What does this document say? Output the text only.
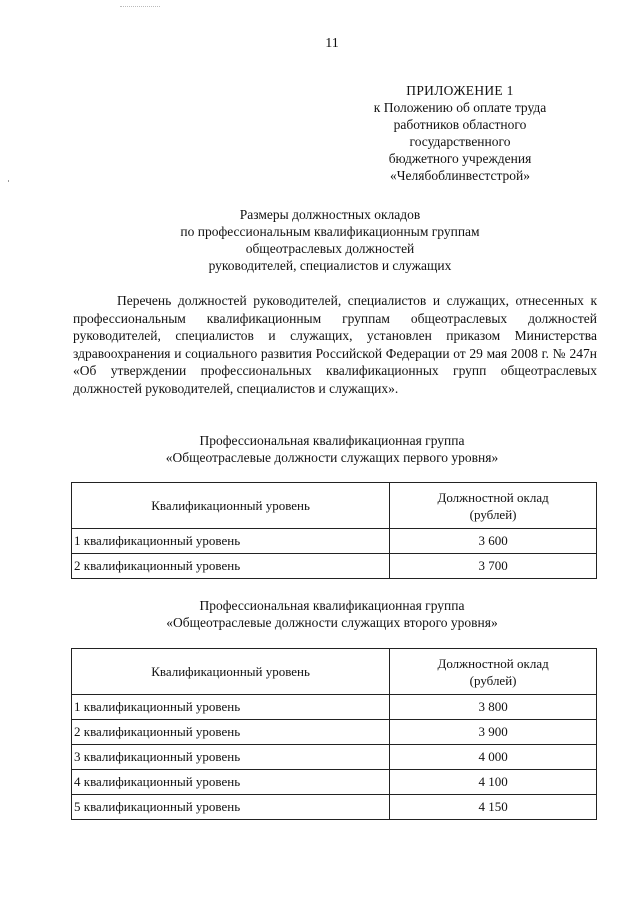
11
ПРИЛОЖЕНИЕ 1
к Положению об оплате труда
работников областного
государственного
бюджетного учреждения
«Челябоблинвестстрой»
Размеры должностных окладов
по профессиональным квалификационным группам
общеотраслевых должностей
руководителей, специалистов и служащих

Перечень должностей руководителей, специалистов и служащих, отнесенных к профессиональным квалификационным группам общеотраслевых должностей руководителей, специалистов и служащих, установлен приказом Министерства здравоохранения и социального развития Российской Федерации от 29 мая 2008 г. № 247н «Об утверждении профессиональных квалификационных групп общеотраслевых должностей руководителей, специалистов и служащих».

Профессиональная квалификационная группа
«Общеотраслевые должности служащих первого уровня»
Квалификационный уровень	Должностной оклад
(рублей)
1 квалификационный уровень	3 600
2 квалификационный уровень	3 700
Профессиональная квалификационная группа
«Общеотраслевые должности служащих второго уровня»
Квалификационный уровень	Должностной оклад
(рублей)
1 квалификационный уровень	3 800
2 квалификационный уровень	3 900
3 квалификационный уровень	4 000
4 квалификационный уровень	4 100
5 квалификационный уровень	4 150
